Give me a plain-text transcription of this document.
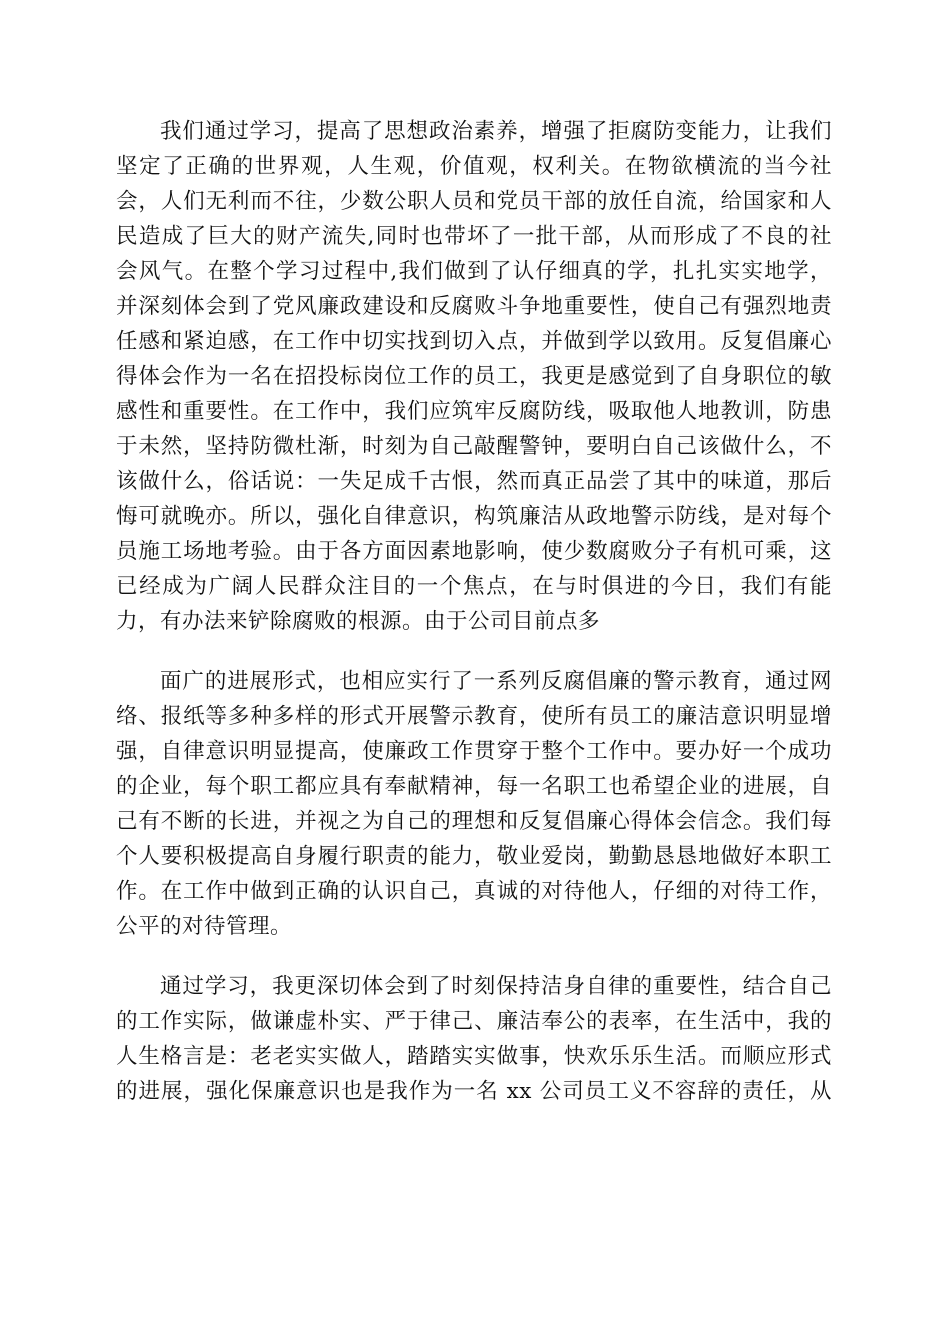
我们通过学习，提高了思想政治素养，增强了拒腐防变能力，让我们
坚定了正确的世界观，人生观，价值观，权利关。在物欲横流的当今社
会，人们无利而不往，少数公职人员和党员干部的放任自流，给国家和人
民造成了巨大的财产流失,同时也带坏了一批干部，从而形成了不良的社
会风气。在整个学习过程中,我们做到了认仔细真的学，扎扎实实地学，
并深刻体会到了党风廉政建设和反腐败斗争地重要性，使自己有强烈地责
任感和紧迫感，在工作中切实找到切入点，并做到学以致用。反复倡廉心
得体会作为一名在招投标岗位工作的员工，我更是感觉到了自身职位的敏
感性和重要性。在工作中，我们应筑牢反腐防线，吸取他人地教训，防患
于未然，坚持防微杜渐，时刻为自己敲醒警钟，要明白自己该做什么，不
该做什么，俗话说：一失足成千古恨，然而真正品尝了其中的味道，那后
悔可就晚亦。所以，强化自律意识，构筑廉洁从政地警示防线，是对每个
员施工场地考验。由于各方面因素地影响，使少数腐败分子有机可乘，这
已经成为广阔人民群众注目的一个焦点，在与时俱进的今日，我们有能
力，有办法来铲除腐败的根源。由于公司目前点多
面广的进展形式，也相应实行了一系列反腐倡廉的警示教育，通过网
络、报纸等多种多样的形式开展警示教育，使所有员工的廉洁意识明显增
强，自律意识明显提高，使廉政工作贯穿于整个工作中。要办好一个成功
的企业，每个职工都应具有奉献精神，每一名职工也希望企业的进展，自
己有不断的长进，并视之为自己的理想和反复倡廉心得体会信念。我们每
个人要积极提高自身履行职责的能力，敬业爱岗，勤勤恳恳地做好本职工
作。在工作中做到正确的认识自己，真诚的对待他人，仔细的对待工作，
公平的对待管理。
通过学习，我更深切体会到了时刻保持洁身自律的重要性，结合自己
的工作实际，做谦虚朴实、严于律己、廉洁奉公的表率，在生活中，我的
人生格言是：老老实实做人，踏踏实实做事，快欢乐乐生活。而顺应形式
的进展，强化保廉意识也是我作为一名 xx 公司员工义不容辞的责任，从
